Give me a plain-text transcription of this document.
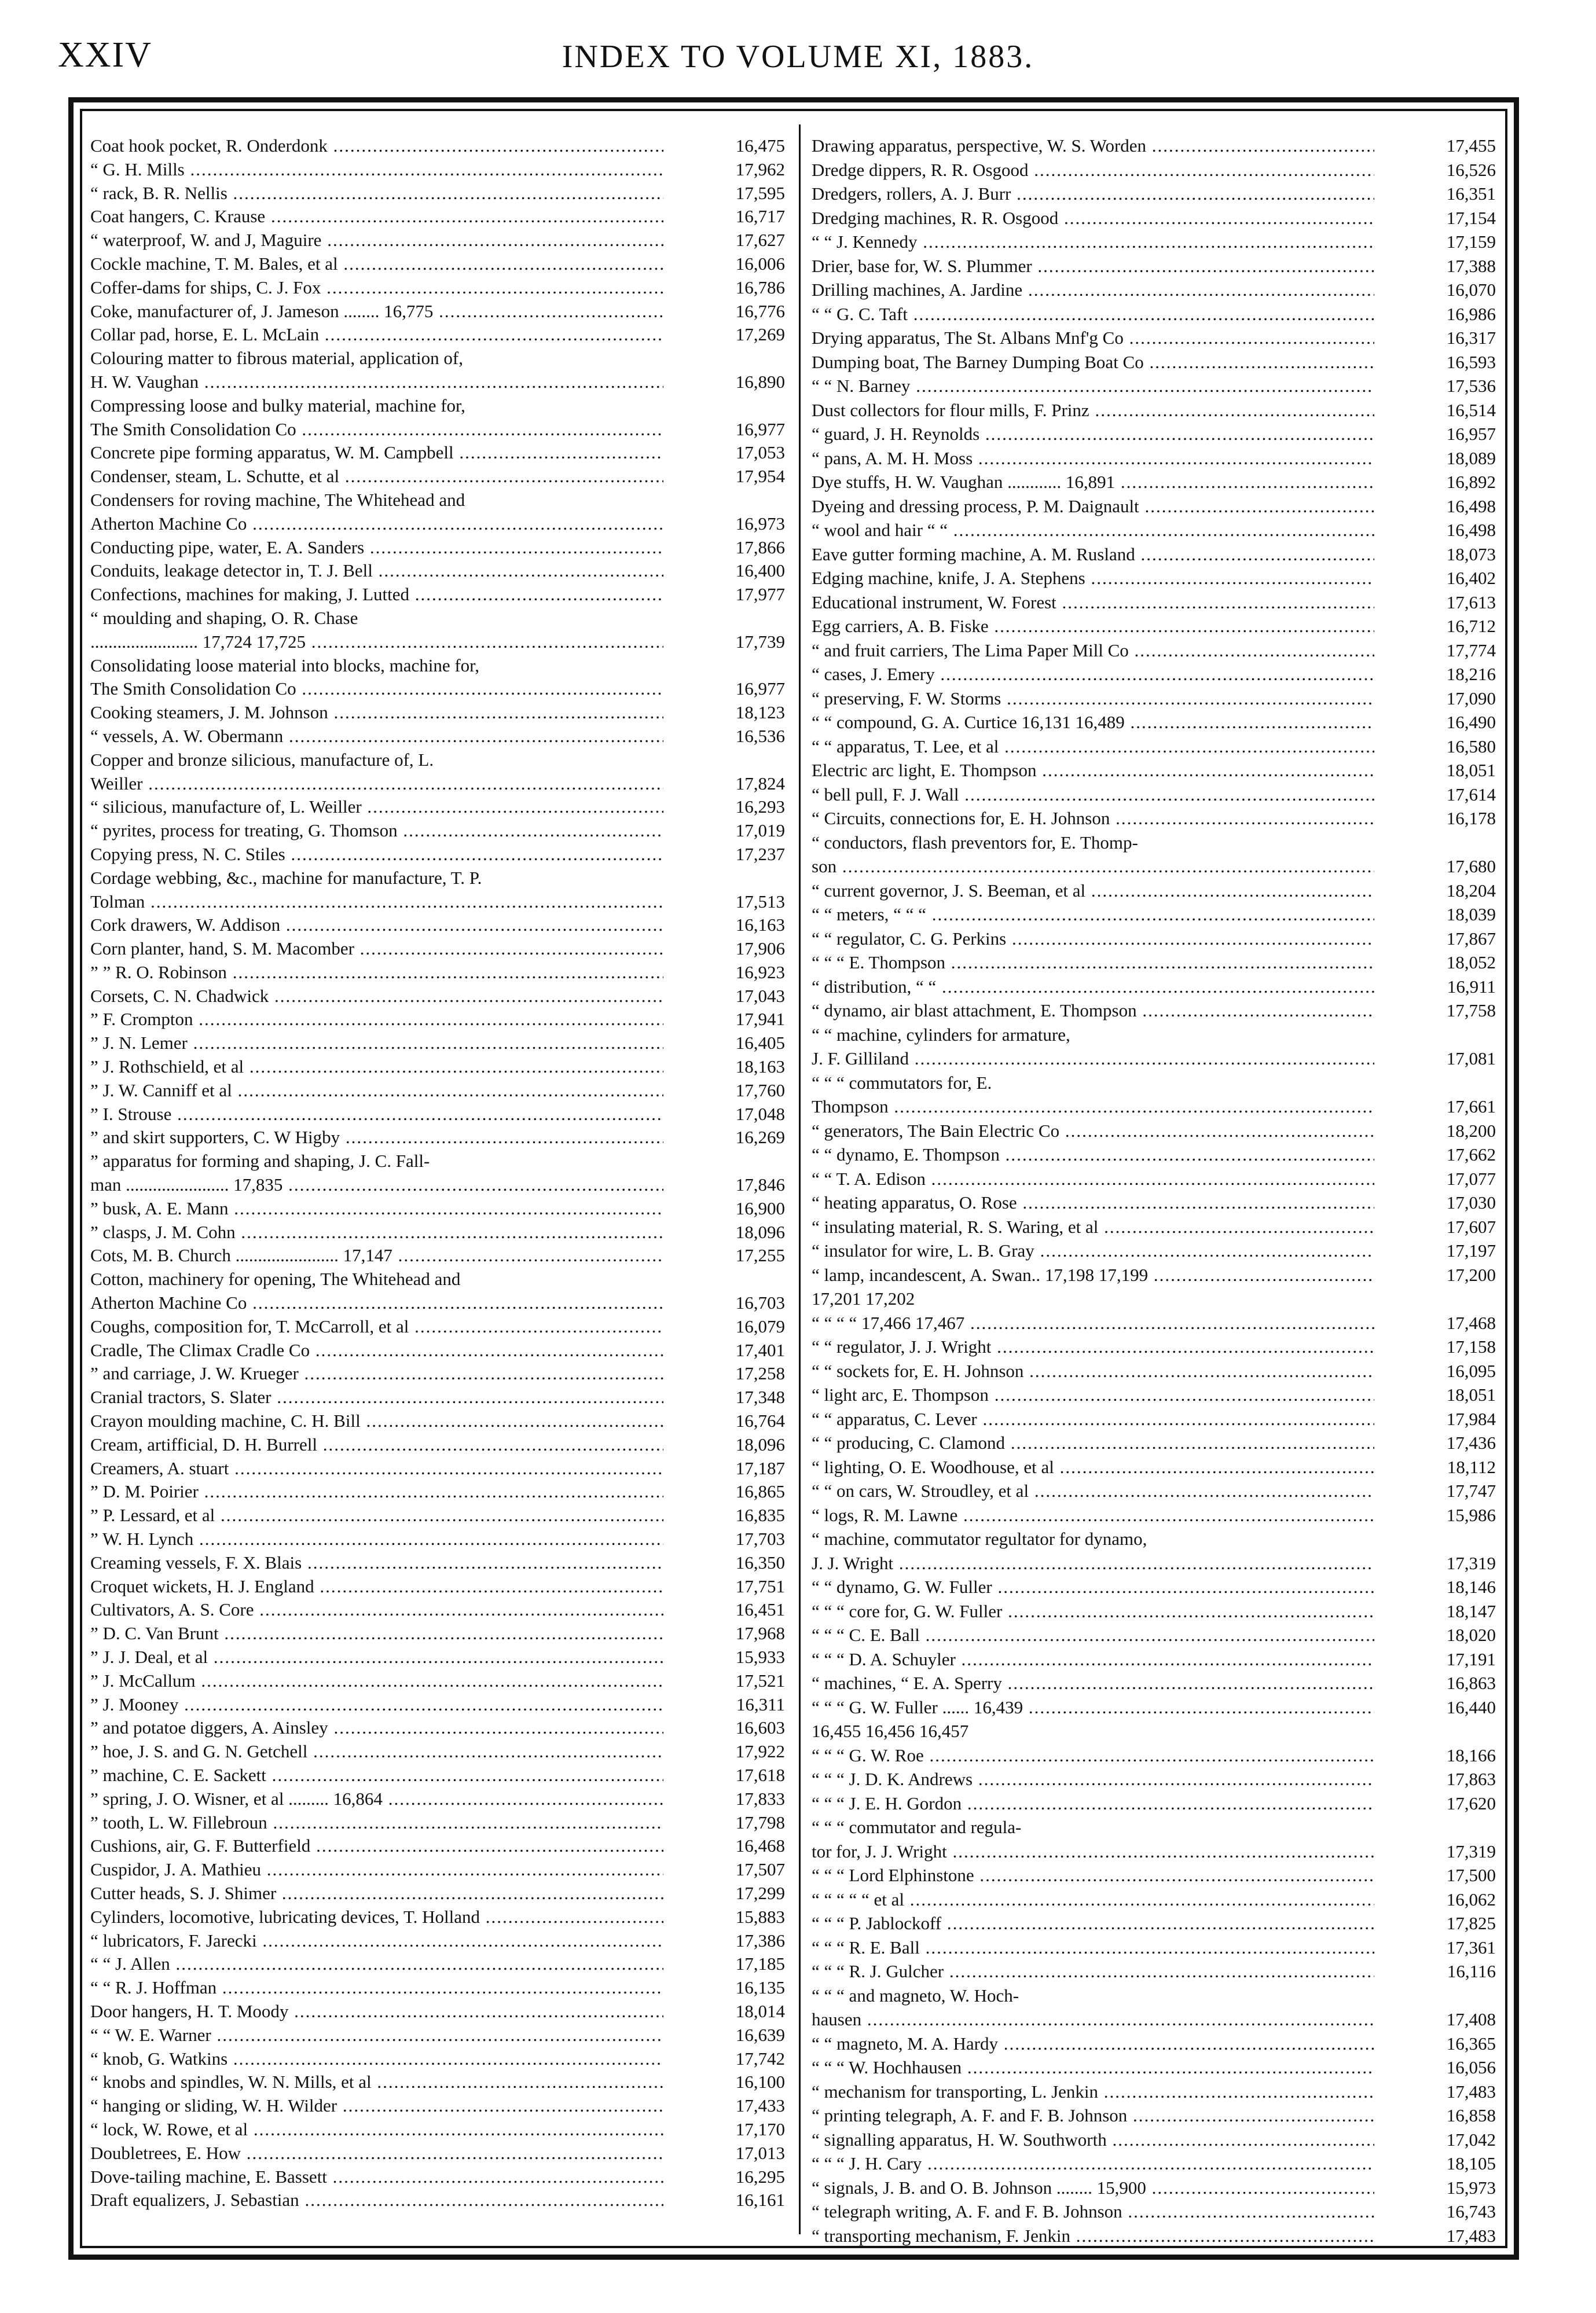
XXIV	INDEX TO VOLUME XI, 1883.
Coat hook pocket, R. Onderdonk .....	16,475
“ G. H. Mills .....	17,962
“ rack, B. R. Nellis .....	17,595
Coat hangers, C. Krause .....	16,717
“ waterproof, W. and J, Maguire .....	17,627
Cockle machine, T. M. Bales, et al .....	16,006
Coffer-dams for ships, C. J. Fox .....	16,786
Coke, manufacturer of, J. Jameson ........ 16,775 .....	16,776
Collar pad, horse, E. L. McLain .....	17,269
Colouring matter to fibrous material, application of,
H. W. Vaughan .....	16,890
Compressing loose and bulky material, machine for,
The Smith Consolidation Co .....	16,977
Concrete pipe forming apparatus, W. M. Campbell .....	17,053
Condenser, steam, L. Schutte, et al .....	17,954
Condensers for roving machine, The Whitehead and
Atherton Machine Co .....	16,973
Conducting pipe, water, E. A. Sanders .....	17,866
Conduits, leakage detector in, T. J. Bell .....	16,400
Confections, machines for making, J. Lutted .....	17,977
“ moulding and shaping, O. R. Chase
........................ 17,724 17,725 .....	17,739
Consolidating loose material into blocks, machine for,
The Smith Consolidation Co .....	16,977
Cooking steamers, J. M. Johnson .....	18,123
“ vessels, A. W. Obermann .....	16,536
Copper and bronze silicious, manufacture of, L.
Weiller .....	17,824
“ silicious, manufacture of, L. Weiller .....	16,293
“ pyrites, process for treating, G. Thomson .....	17,019
Copying press, N. C. Stiles .....	17,237
Cordage webbing, &c., machine for manufacture, T. P.
Tolman .....	17,513
Cork drawers, W. Addison .....	16,163
Corn planter, hand, S. M. Macomber .....	17,906
” ” R. O. Robinson .....	16,923
Corsets, C. N. Chadwick .....	17,043
” F. Crompton .....	17,941
” J. N. Lemer .....	16,405
” J. Rothschield, et al .....	18,163
” J. W. Canniff et al .....	17,760
” I. Strouse .....	17,048
” and skirt supporters, C. W Higby .....	16,269
” apparatus for forming and shaping, J. C. Fall-
man ....................... 17,835 .....	17,846
” busk, A. E. Mann .....	16,900
” clasps, J. M. Cohn .....	18,096
Cots, M. B. Church ....................... 17,147 .....	17,255
Cotton, machinery for opening, The Whitehead and
Atherton Machine Co .....	16,703
Coughs, composition for, T. McCarroll, et al .....	16,079
Cradle, The Climax Cradle Co .....	17,401
” and carriage, J. W. Krueger .....	17,258
Cranial tractors, S. Slater .....	17,348
Crayon moulding machine, C. H. Bill .....	16,764
Cream, artifficial, D. H. Burrell .....	18,096
Creamers, A. stuart .....	17,187
” D. M. Poirier .....	16,865
” P. Lessard, et al .....	16,835
” W. H. Lynch .....	17,703
Creaming vessels, F. X. Blais .....	16,350
Croquet wickets, H. J. England .....	17,751
Cultivators, A. S. Core .....	16,451
” D. C. Van Brunt .....	17,968
” J. J. Deal, et al .....	15,933
” J. McCallum .....	17,521
” J. Mooney .....	16,311
” and potatoe diggers, A. Ainsley .....	16,603
” hoe, J. S. and G. N. Getchell .....	17,922
” machine, C. E. Sackett .....	17,618
” spring, J. O. Wisner, et al ......... 16,864 .....	17,833
” tooth, L. W. Fillebroun .....	17,798
Cushions, air, G. F. Butterfield .....	16,468
Cuspidor, J. A. Mathieu .....	17,507
Cutter heads, S. J. Shimer .....	17,299
Cylinders, locomotive, lubricating devices, T. Holland .....	15,883
“ lubricators, F. Jarecki .....	17,386
“ “ J. Allen .....	17,185
“ “ R. J. Hoffman .....	16,135
Door hangers, H. T. Moody .....	18,014
“ “ W. E. Warner .....	16,639
“ knob, G. Watkins .....	17,742
“ knobs and spindles, W. N. Mills, et al .....	16,100
“ hanging or sliding, W. H. Wilder .....	17,433
“ lock, W. Rowe, et al .....	17,170
Doubletrees, E. How .....	17,013
Dove-tailing machine, E. Bassett .....	16,295
Draft equalizers, J. Sebastian .....	16,161
Drawing apparatus, perspective, W. S. Worden .....	17,455
Dredge dippers, R. R. Osgood .....	16,526
Dredgers, rollers, A. J. Burr .....	16,351
Dredging machines, R. R. Osgood .....	17,154
“ “ J. Kennedy .....	17,159
Drier, base for, W. S. Plummer .....	17,388
Drilling machines, A. Jardine .....	16,070
“ “ G. C. Taft .....	16,986
Drying apparatus, The St. Albans Mnf'g Co .....	16,317
Dumping boat, The Barney Dumping Boat Co .....	16,593
“ “ N. Barney .....	17,536
Dust collectors for flour mills, F. Prinz .....	16,514
“ guard, J. H. Reynolds .....	16,957
“ pans, A. M. H. Moss .....	18,089
Dye stuffs, H. W. Vaughan ............ 16,891 .....	16,892
Dyeing and dressing process, P. M. Daignault .....	16,498
“ wool and hair “ “ .....	16,498
Eave gutter forming machine, A. M. Rusland .....	18,073
Edging machine, knife, J. A. Stephens .....	16,402
Educational instrument, W. Forest .....	17,613
Egg carriers, A. B. Fiske .....	16,712
“ and fruit carriers, The Lima Paper Mill Co .....	17,774
“ cases, J. Emery .....	18,216
“ preserving, F. W. Storms .....	17,090
“ “ compound, G. A. Curtice 16,131 16,489 .....	16,490
“ “ apparatus, T. Lee, et al .....	16,580
Electric arc light, E. Thompson .....	18,051
“ bell pull, F. J. Wall .....	17,614
“ Circuits, connections for, E. H. Johnson .....	16,178
“ conductors, flash preventors for, E. Thomp-
son .....	17,680
“ current governor, J. S. Beeman, et al .....	18,204
“ “ meters, “ “ “ .....	18,039
“ “ regulator, C. G. Perkins .....	17,867
“ “ “ E. Thompson .....	18,052
“ distribution, “ “ .....	16,911
“ dynamo, air blast attachment, E. Thompson .....	17,758
“ “ machine, cylinders for armature,
J. F. Gilliland .....	17,081
“ “ “ commutators for, E.
Thompson .....	17,661
“ generators, The Bain Electric Co .....	18,200
“ “ dynamo, E. Thompson .....	17,662
“ “ T. A. Edison .....	17,077
“ heating apparatus, O. Rose .....	17,030
“ insulating material, R. S. Waring, et al .....	17,607
“ insulator for wire, L. B. Gray .....	17,197
“ lamp, incandescent, A. Swan.. 17,198 17,199 .....	17,200
17,201 17,202
“ “ “ “ 17,466 17,467 .....	17,468
“ “ regulator, J. J. Wright .....	17,158
“ “ sockets for, E. H. Johnson .....	16,095
“ light arc, E. Thompson .....	18,051
“ “ apparatus, C. Lever .....	17,984
“ “ producing, C. Clamond .....	17,436
“ lighting, O. E. Woodhouse, et al .....	18,112
“ “ on cars, W. Stroudley, et al .....	17,747
“ logs, R. M. Lawne .....	15,986
“ machine, commutator regultator for dynamo,
J. J. Wright .....	17,319
“ “ dynamo, G. W. Fuller .....	18,146
“ “ “ core for, G. W. Fuller .....	18,147
“ “ “ C. E. Ball .....	18,020
“ “ “ D. A. Schuyler .....	17,191
“ machines, “ E. A. Sperry .....	16,863
“ “ “ G. W. Fuller ...... 16,439 .....	16,440
16,455 16,456 16,457
“ “ “ G. W. Roe .....	18,166
“ “ “ J. D. K. Andrews .....	17,863
“ “ “ J. E. H. Gordon .....	17,620
“ “ “ commutator and regula-
tor for, J. J. Wright .....	17,319
“ “ “ Lord Elphinstone .....	17,500
“ “ “ “ “ et al .....	16,062
“ “ “ P. Jablockoff .....	17,825
“ “ “ R. E. Ball .....	17,361
“ “ “ R. J. Gulcher .....	16,116
“ “ “ and magneto, W. Hoch-
hausen .....	17,408
“ “ magneto, M. A. Hardy .....	16,365
“ “ “ W. Hochhausen .....	16,056
“ mechanism for transporting, L. Jenkin .....	17,483
“ printing telegraph, A. F. and F. B. Johnson .....	16,858
“ signalling apparatus, H. W. Southworth .....	17,042
“ “ “ J. H. Cary .....	18,105
“ signals, J. B. and O. B. Johnson ........ 15,900 .....	15,973
“ telegraph writing, A. F. and F. B. Johnson .....	16,743
“ transporting mechanism, F. Jenkin .....	17,483
